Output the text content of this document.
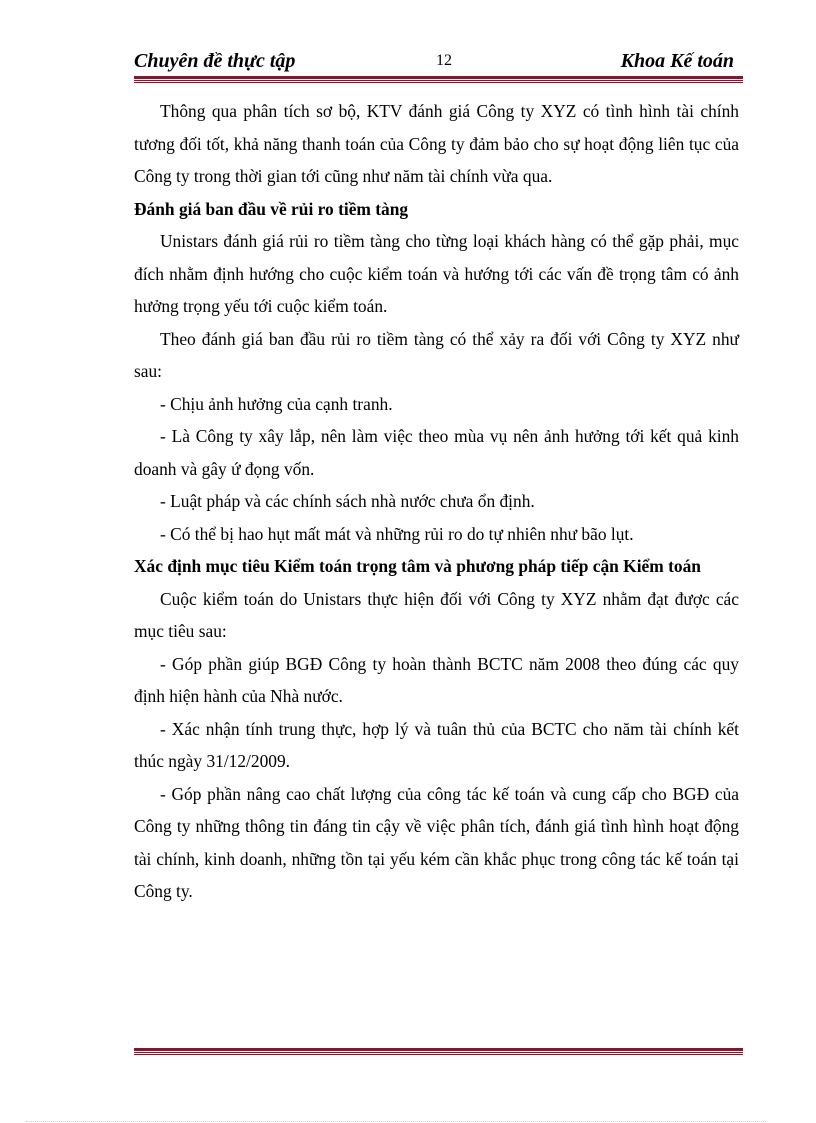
Chuyên đề thực tập	12	Khoa Kế toán

Thông qua phân tích sơ bộ, KTV đánh giá Công ty XYZ có tình hình tài chính tương đối tốt, khả năng thanh toán của Công ty đảm bảo cho sự hoạt động liên tục của Công ty trong thời gian tới cũng như năm tài chính vừa qua.

Đánh giá ban đầu về rủi ro tiềm tàng

Unistars đánh giá rủi ro tiềm tàng cho từng loại khách hàng có thể gặp phải, mục đích nhằm định hướng cho cuộc kiểm toán và hướng tới các vấn đề trọng tâm có ảnh hưởng trọng yếu tới cuộc kiểm toán.

Theo đánh giá ban đầu rủi ro tiềm tàng có thể xảy ra đối với Công ty XYZ như sau:

- Chịu ảnh hưởng của cạnh tranh.

- Là Công ty xây lắp, nên làm việc theo mùa vụ nên ảnh hưởng tới kết quả kinh doanh và gây ứ đọng vốn.

- Luật pháp và các chính sách nhà nước chưa ổn định.

- Có thể bị hao hụt mất mát và những rủi ro do tự nhiên như bão lụt.

Xác định mục tiêu Kiểm toán trọng tâm và phương pháp tiếp cận Kiểm toán

Cuộc kiểm toán do Unistars thực hiện đối với Công ty XYZ nhằm đạt được các mục tiêu sau:

- Góp phần giúp BGĐ Công ty hoàn thành BCTC năm 2008 theo đúng các quy định hiện hành của Nhà nước.

- Xác nhận tính trung thực, hợp lý và tuân thủ của BCTC cho năm tài chính kết thúc ngày 31/12/2009.

- Góp phần nâng cao chất lượng của công tác kế toán và cung cấp cho BGĐ của Công ty những thông tin đáng tin cậy về việc phân tích, đánh giá tình hình hoạt động tài chính, kinh doanh, những tồn tại yếu kém cần khắc phục trong công tác kế toán tại Công ty.
